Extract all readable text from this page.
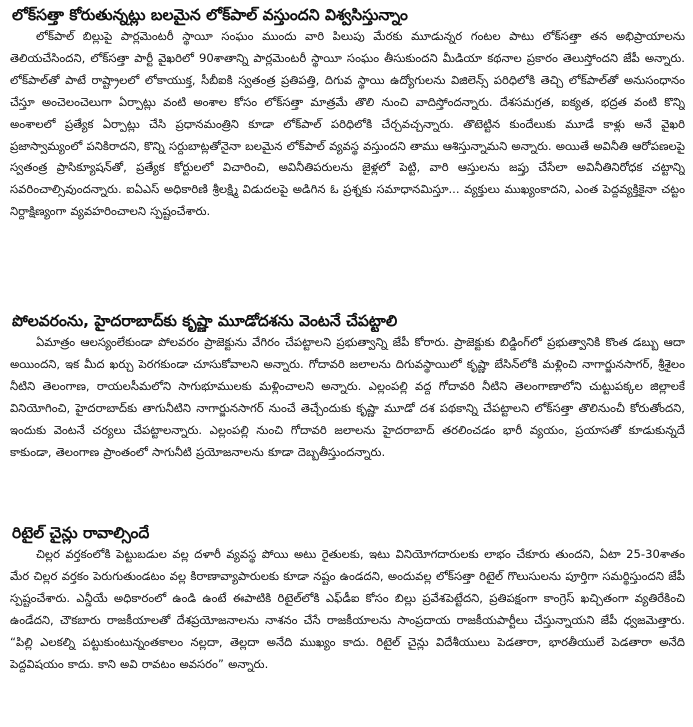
లోక్‌సత్తా కోరుతున్నట్లు బలమైన లోక్‌పాల్ వస్తుందని విశ్వసిస్తున్నాం

లోక్‌పాల్ బిల్లుపై పార్లమెంటరీ స్థాయీ సంఘం ముందు వారి పిలుపు మేరకు మూడున్నర గంటల పాటు లోక్‌సత్తా తన అభిప్రాయాలను తెలియచేసిందని, లోక్‌సత్తా పార్టీ వైఖరిలో 90శాతాన్ని పార్లమెంటరీ స్థాయీ సంఘం తీసుకుందని మీడియా కథనాల ప్రకారం తెలుస్తోందని జేపీ అన్నారు. లోక్‌పాల్‌తో పాటే రాష్ట్రాలలో లోకాయుక్త, సీబీఐకి స్వతంత్ర ప్రతిపత్తి, దిగువ స్థాయి ఉద్యోగులను విజిలెన్స్ పరిధిలోకి తెచ్చి లోక్‌పాల్‌తో అనుసంధానం చేస్తూ అంచెలంచెలుగా ఏర్పాట్లు వంటి అంశాల కోసం లోక్‌సత్తా మాత్రమే తొలి నుంచి వాదిస్తోందన్నారు. దేశసమగ్రత, ఐక్యత, భద్రత వంటి కొన్ని అంశాలలో ప్రత్యేక ఏర్పాట్లు చేసి ప్రధానమంత్రిని కూడా లోక్‌పాల్ పరిధిలోకి చేర్చవచ్చన్నారు. తొటెట్టిన కుందేలుకు మూడే కాళ్లు అనే వైఖరి ప్రజాస్వామ్యంలో పనికిరాదని, కొన్ని సర్దుబాట్లతోనైనా బలమైన లోక్‌పాల్ వ్యవస్థ వస్తుందని తాము ఆశిస్తున్నామని అన్నారు. అయితే అవినీతి ఆరోపణలపై స్వతంత్ర ప్రాసిక్యూషన్‌తో, ప్రత్యేక కోర్టులలో విచారించి, అవినీతిపరులను జైళ్లలో పెట్టి, వారి ఆస్తులను జప్తు చేసేలా అవినీతినిరోధక చట్టాన్ని సవరించాల్సివుందన్నారు. ఐఏఎస్ అధికారిణి శ్రీలక్ష్మి విడుదలపై అడిగిన ఓ ప్రశ్నకు సమాధానమిస్తూ... వ్యక్తులు ముఖ్యంకాదని, ఎంత పెద్దవ్యక్తికైనా చట్టం నిర్దాక్షిణ్యంగా వ్యవహరించాలని స్పష్టంచేశారు.

పోలవరంను, హైదరాబాద్‌కు కృష్ణా మూడోదశను వెంటనే చేపట్టాలి

ఏమాత్రం ఆలస్యంలేకుండా పోలవరం ప్రాజెక్టును వేగిరం చేపట్టాలని ప్రభుత్వాన్ని జేపీ కోరారు. ప్రాజెక్టుకు బిడ్డింగ్‌లో ప్రభుత్వానికి కొంత డబ్బు ఆదా అయిందని, ఇక మీద ఖర్చు పెరగకుండా చూసుకోవాలని అన్నారు. గోదావరి జలాలను దిగువస్థాయిలో కృష్ణా బేసిన్‌లోకి మళ్లించి నాగార్జునసాగర్, శ్రీశైలం నీటిని తెలంగాణ, రాయలసీమలోని సాగుభూములకు మళ్లించాలని అన్నారు. ఎల్లంపల్లి వద్ద గోదావరి నీటిని తెలంగాణాలోని చుట్టుపక్కల జిల్లాలకే వినియోగించి, హైదరాబాద్‌కు తాగునీటిని నాగార్జునసాగర్ నుంచే తెచ్చేందుకు కృష్ణా మూడో దశ పథకాన్ని చేపట్టాలని లోక్‌సత్తా తొలినుంచీ కోరుతోందని, ఇందుకు వెంటనే చర్యలు చేపట్టాలన్నారు. ఎల్లంపల్లి నుంచి గోదావరి జలాలను హైదరాబాద్ తరలించడం భారీ వ్యయం, ప్రయాసతో కూడుకున్నదే కాకుండా, తెలంగాణ ప్రాంతంలో సాగునీటి ప్రయోజనాలను కూడా దెబ్బతీస్తుందన్నారు.

రిటైల్ చైన్లు రావాల్సిందే

చిల్లర వర్తకంలోకి పెట్టుబడుల వల్ల దళారీ వ్యవస్థ పోయి అటు రైతులకు, ఇటు వినియోగదారులకు లాభం చేకూరు తుందని, ఏటా 25-30శాతం మేర చిల్లర వర్తకం పెరుగుతుండటం వల్ల కిరాణావ్యాపారులకు కూడా నష్టం ఉండదని, అందువల్ల లోక్‌సత్తా రిటైల్ గొలుసులను పూర్తిగా సమర్థిస్తుందని జేపీ స్పష్టంచేశారు. ఎన్డీయే అధికారంలో ఉండి ఉంటే ఈపాటికి రిటైల్‌లోకి ఎఫ్‌డీఐ కోసం బిల్లు ప్రవేశపెట్టేదని, ప్రతిపక్షంగా కాంగ్రెస్ ఖచ్చితంగా వ్యతిరేకించి ఉండేదని, చౌకబారు రాజకీయాలతో దేశప్రయోజనాలను నాశనం చేసే రాజకీయాలను సాంప్రదాయ రాజకీయపార్టీలు చేస్తున్నాయని జేపీ ధ్వజమెత్తారు. “పిల్లి ఎలకల్ని పట్టుకుంటున్నంతకాలం నల్లదా, తెల్లదా అనేది ముఖ్యం కాదు. రిటైల్ చైన్లు విదేశీయులు పెడతారా, భారతీయులే పెడతారా అనేది పెద్దవిషయం కాదు. కాని అవి రావటం అవసరం” అన్నారు.
